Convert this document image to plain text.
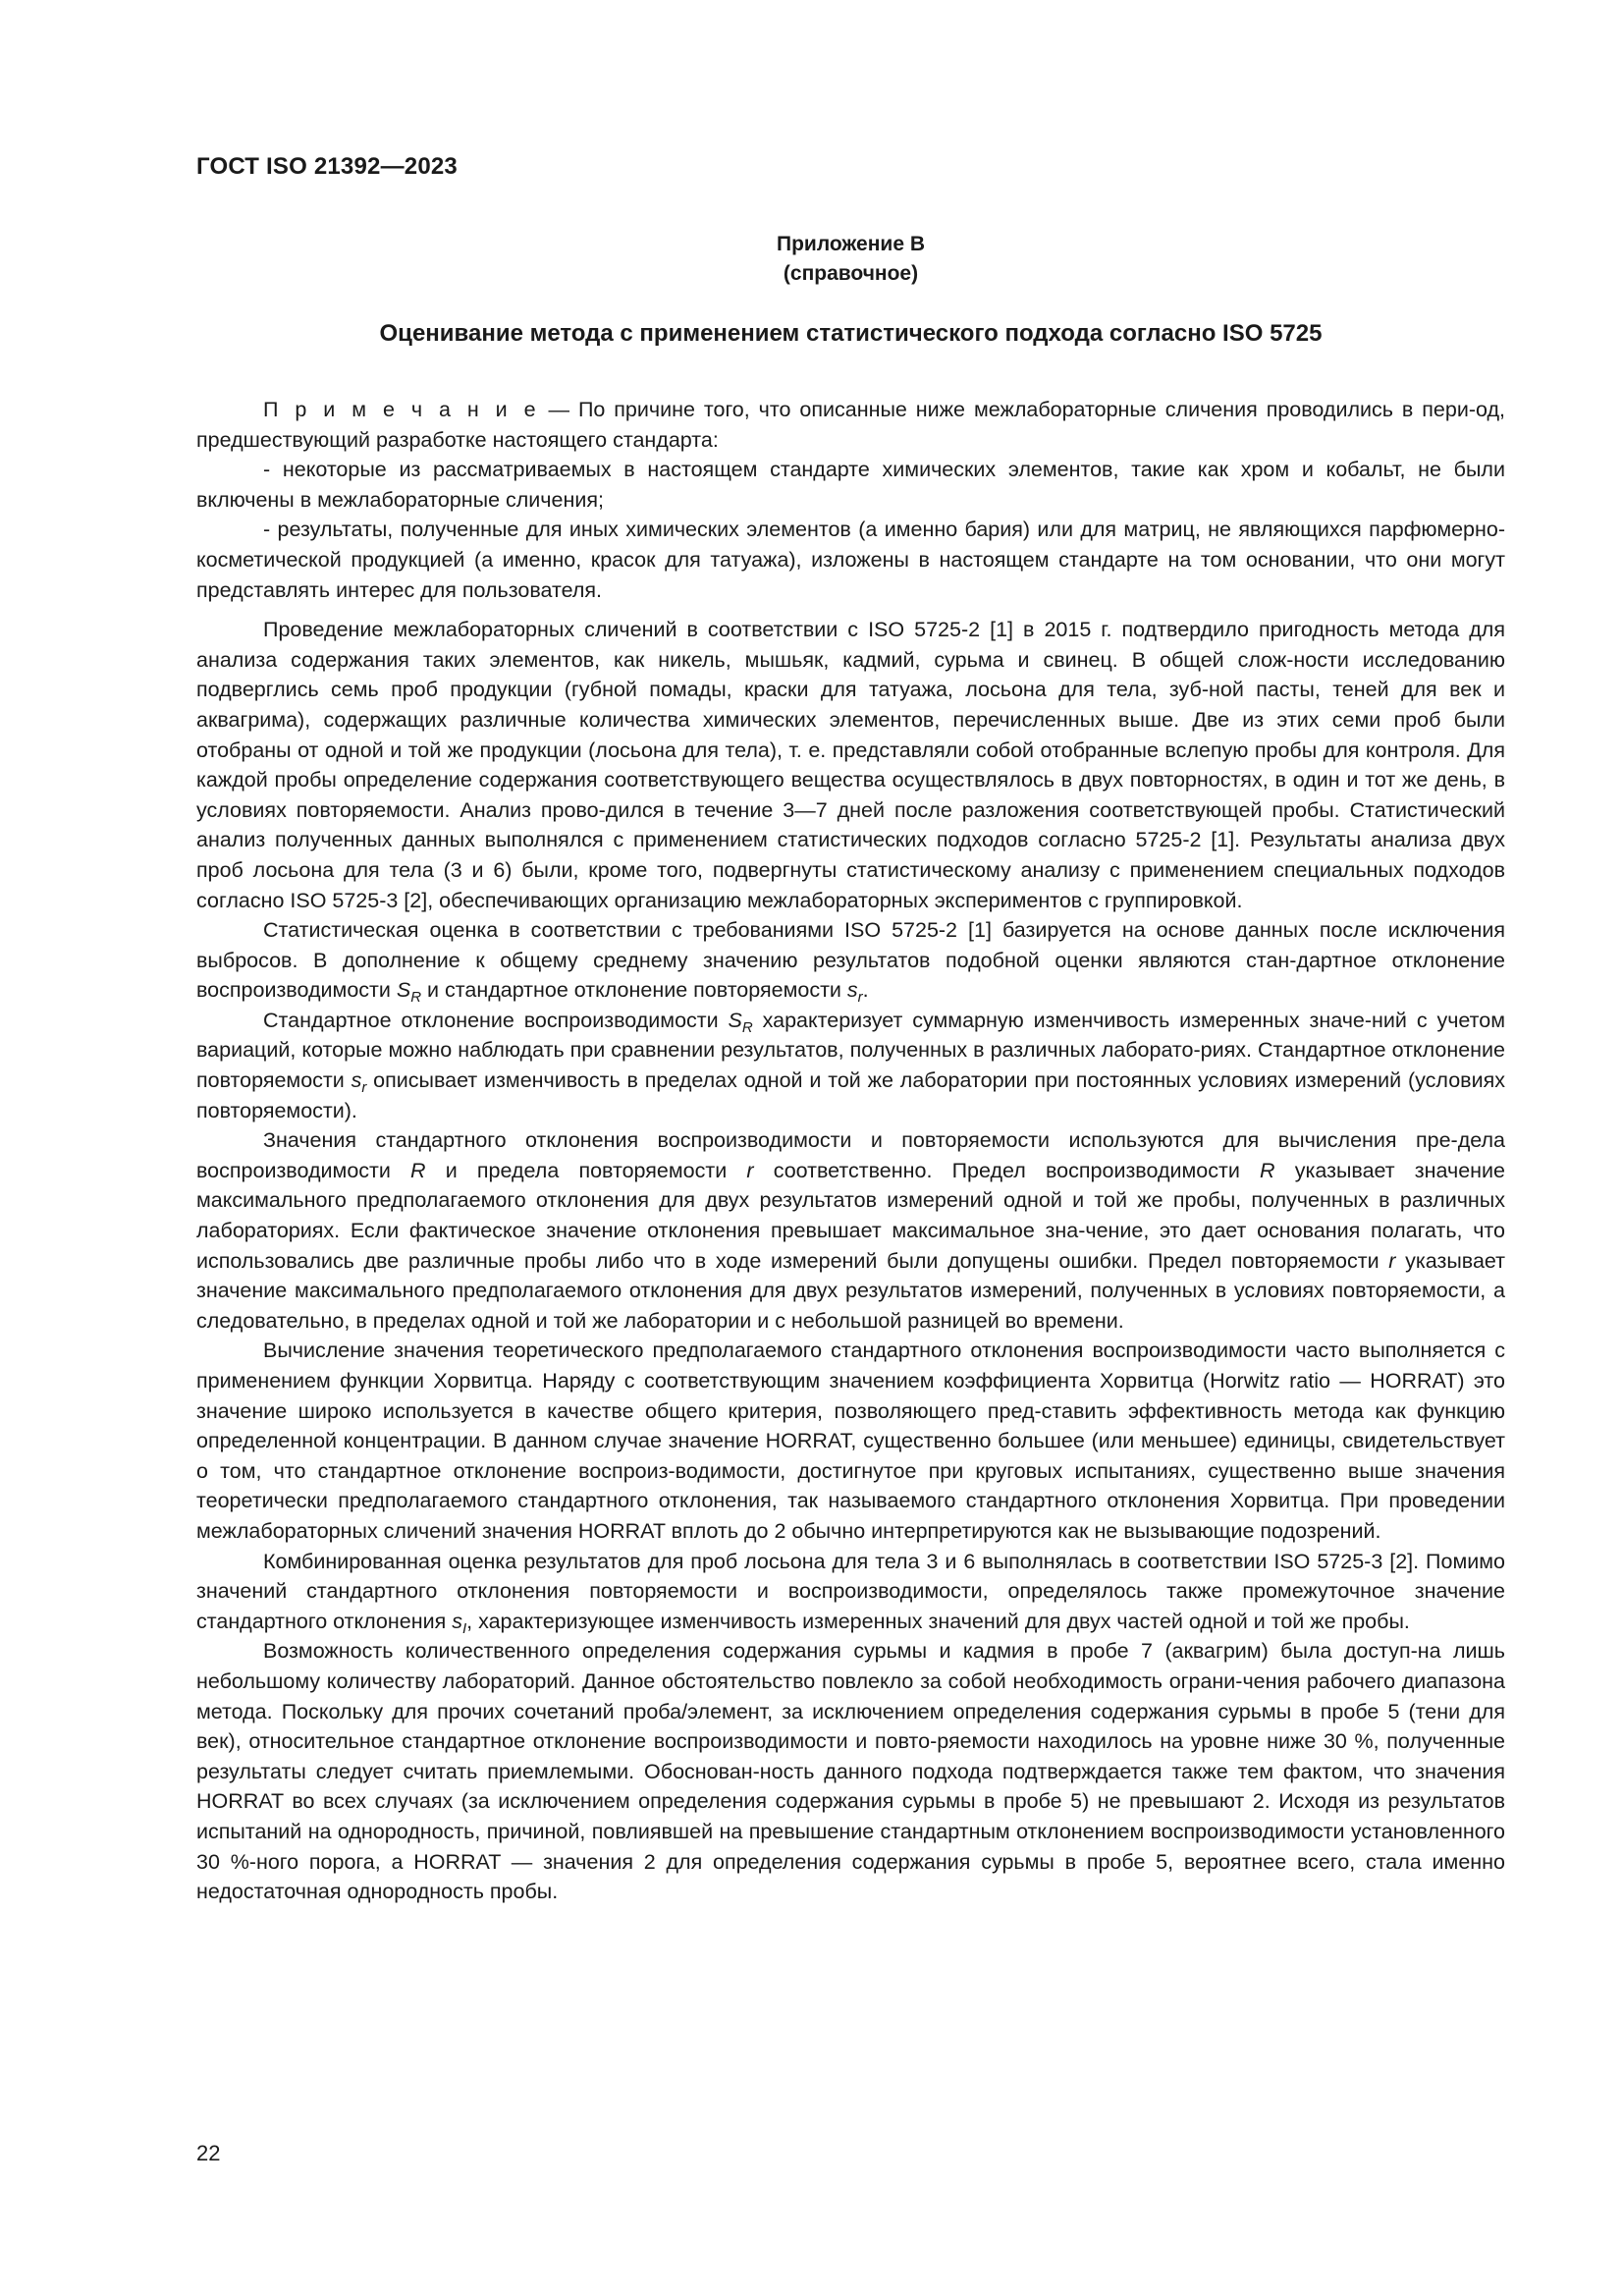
ГОСТ ISO 21392—2023
Приложение В
(справочное)
Оценивание метода с применением статистического подхода согласно ISO 5725

П р и м е ч а н и е — По причине того, что описанные ниже межлабораторные сличения проводились в пери-од, предшествующий разработке настоящего стандарта:

- некоторые из рассматриваемых в настоящем стандарте химических элементов, такие как хром и кобальт, не были включены в межлабораторные сличения;

- результаты, полученные для иных химических элементов (а именно бария) или для матриц, не являющихся парфюмерно-косметической продукцией (а именно, красок для татуажа), изложены в настоящем стандарте на том основании, что они могут представлять интерес для пользователя.

Проведение межлабораторных сличений в соответствии с ISO 5725-2 [1] в 2015 г. подтвердило пригодность метода для анализа содержания таких элементов, как никель, мышьяк, кадмий, сурьма и свинец. В общей слож-ности исследованию подверглись семь проб продукции (губной помады, краски для татуажа, лосьона для тела, зуб-ной пасты, теней для век и аквагрима), содержащих различные количества химических элементов, перечисленных выше. Две из этих семи проб были отобраны от одной и той же продукции (лосьона для тела), т. е. представляли собой отобранные вслепую пробы для контроля. Для каждой пробы определение содержания соответствующего вещества осуществлялось в двух повторностях, в один и тот же день, в условиях повторяемости. Анализ прово-дился в течение 3—7 дней после разложения соответствующей пробы. Статистический анализ полученных данных выполнялся с применением статистических подходов согласно 5725-2 [1]. Результаты анализа двух проб лосьона для тела (3 и 6) были, кроме того, подвергнуты статистическому анализу с применением специальных подходов согласно ISO 5725-3 [2], обеспечивающих организацию межлабораторных экспериментов с группировкой.

Статистическая оценка в соответствии с требованиями ISO 5725-2 [1] базируется на основе данных после исключения выбросов. В дополнение к общему среднему значению результатов подобной оценки являются стан-дартное отклонение воспроизводимости $S_R$ и стандартное отклонение повторяемости $s_r$.

Стандартное отклонение воспроизводимости $S_R$ характеризует суммарную изменчивость измеренных значе-ний с учетом вариаций, которые можно наблюдать при сравнении результатов, полученных в различных лаборато-риях. Стандартное отклонение повторяемости $s_r$ описывает изменчивость в пределах одной и той же лаборатории при постоянных условиях измерений (условиях повторяемости).

Значения стандартного отклонения воспроизводимости и повторяемости используются для вычисления пре-дела воспроизводимости R и предела повторяемости r соответственно. Предел воспроизводимости R указывает значение максимального предполагаемого отклонения для двух результатов измерений одной и той же пробы, полученных в различных лабораториях. Если фактическое значение отклонения превышает максимальное зна-чение, это дает основания полагать, что использовались две различные пробы либо что в ходе измерений были допущены ошибки. Предел повторяемости r указывает значение максимального предполагаемого отклонения для двух результатов измерений, полученных в условиях повторяемости, а следовательно, в пределах одной и той же лаборатории и с небольшой разницей во времени.

Вычисление значения теоретического предполагаемого стандартного отклонения воспроизводимости часто выполняется с применением функции Хорвитца. Наряду с соответствующим значением коэффициента Хорвитца (Horwitz ratio — HORRAT) это значение широко используется в качестве общего критерия, позволяющего пред-ставить эффективность метода как функцию определенной концентрации. В данном случае значение HORRAT, существенно большее (или меньшее) единицы, свидетельствует о том, что стандартное отклонение воспроиз-водимости, достигнутое при круговых испытаниях, существенно выше значения теоретически предполагаемого стандартного отклонения, так называемого стандартного отклонения Хорвитца. При проведении межлабораторных сличений значения HORRAT вплоть до 2 обычно интерпретируются как не вызывающие подозрений.

Комбинированная оценка результатов для проб лосьона для тела 3 и 6 выполнялась в соответствии ISO 5725-3 [2]. Помимо значений стандартного отклонения повторяемости и воспроизводимости, определялось также промежуточное значение стандартного отклонения $s_I$, характеризующее изменчивость измеренных значений для двух частей одной и той же пробы.

Возможность количественного определения содержания сурьмы и кадмия в пробе 7 (аквагрим) была доступ-на лишь небольшому количеству лабораторий. Данное обстоятельство повлекло за собой необходимость ограни-чения рабочего диапазона метода. Поскольку для прочих сочетаний проба/элемент, за исключением определения содержания сурьмы в пробе 5 (тени для век), относительное стандартное отклонение воспроизводимости и повто-ряемости находилось на уровне ниже 30 %, полученные результаты следует считать приемлемыми. Обоснован-ность данного подхода подтверждается также тем фактом, что значения HORRAT во всех случаях (за исключением определения содержания сурьмы в пробе 5) не превышают 2. Исходя из результатов испытаний на однородность, причиной, повлиявшей на превышение стандартным отклонением воспроизводимости установленного 30 %-ного порога, а HORRAT — значения 2 для определения содержания сурьмы в пробе 5, вероятнее всего, стала именно недостаточная однородность пробы.

22
